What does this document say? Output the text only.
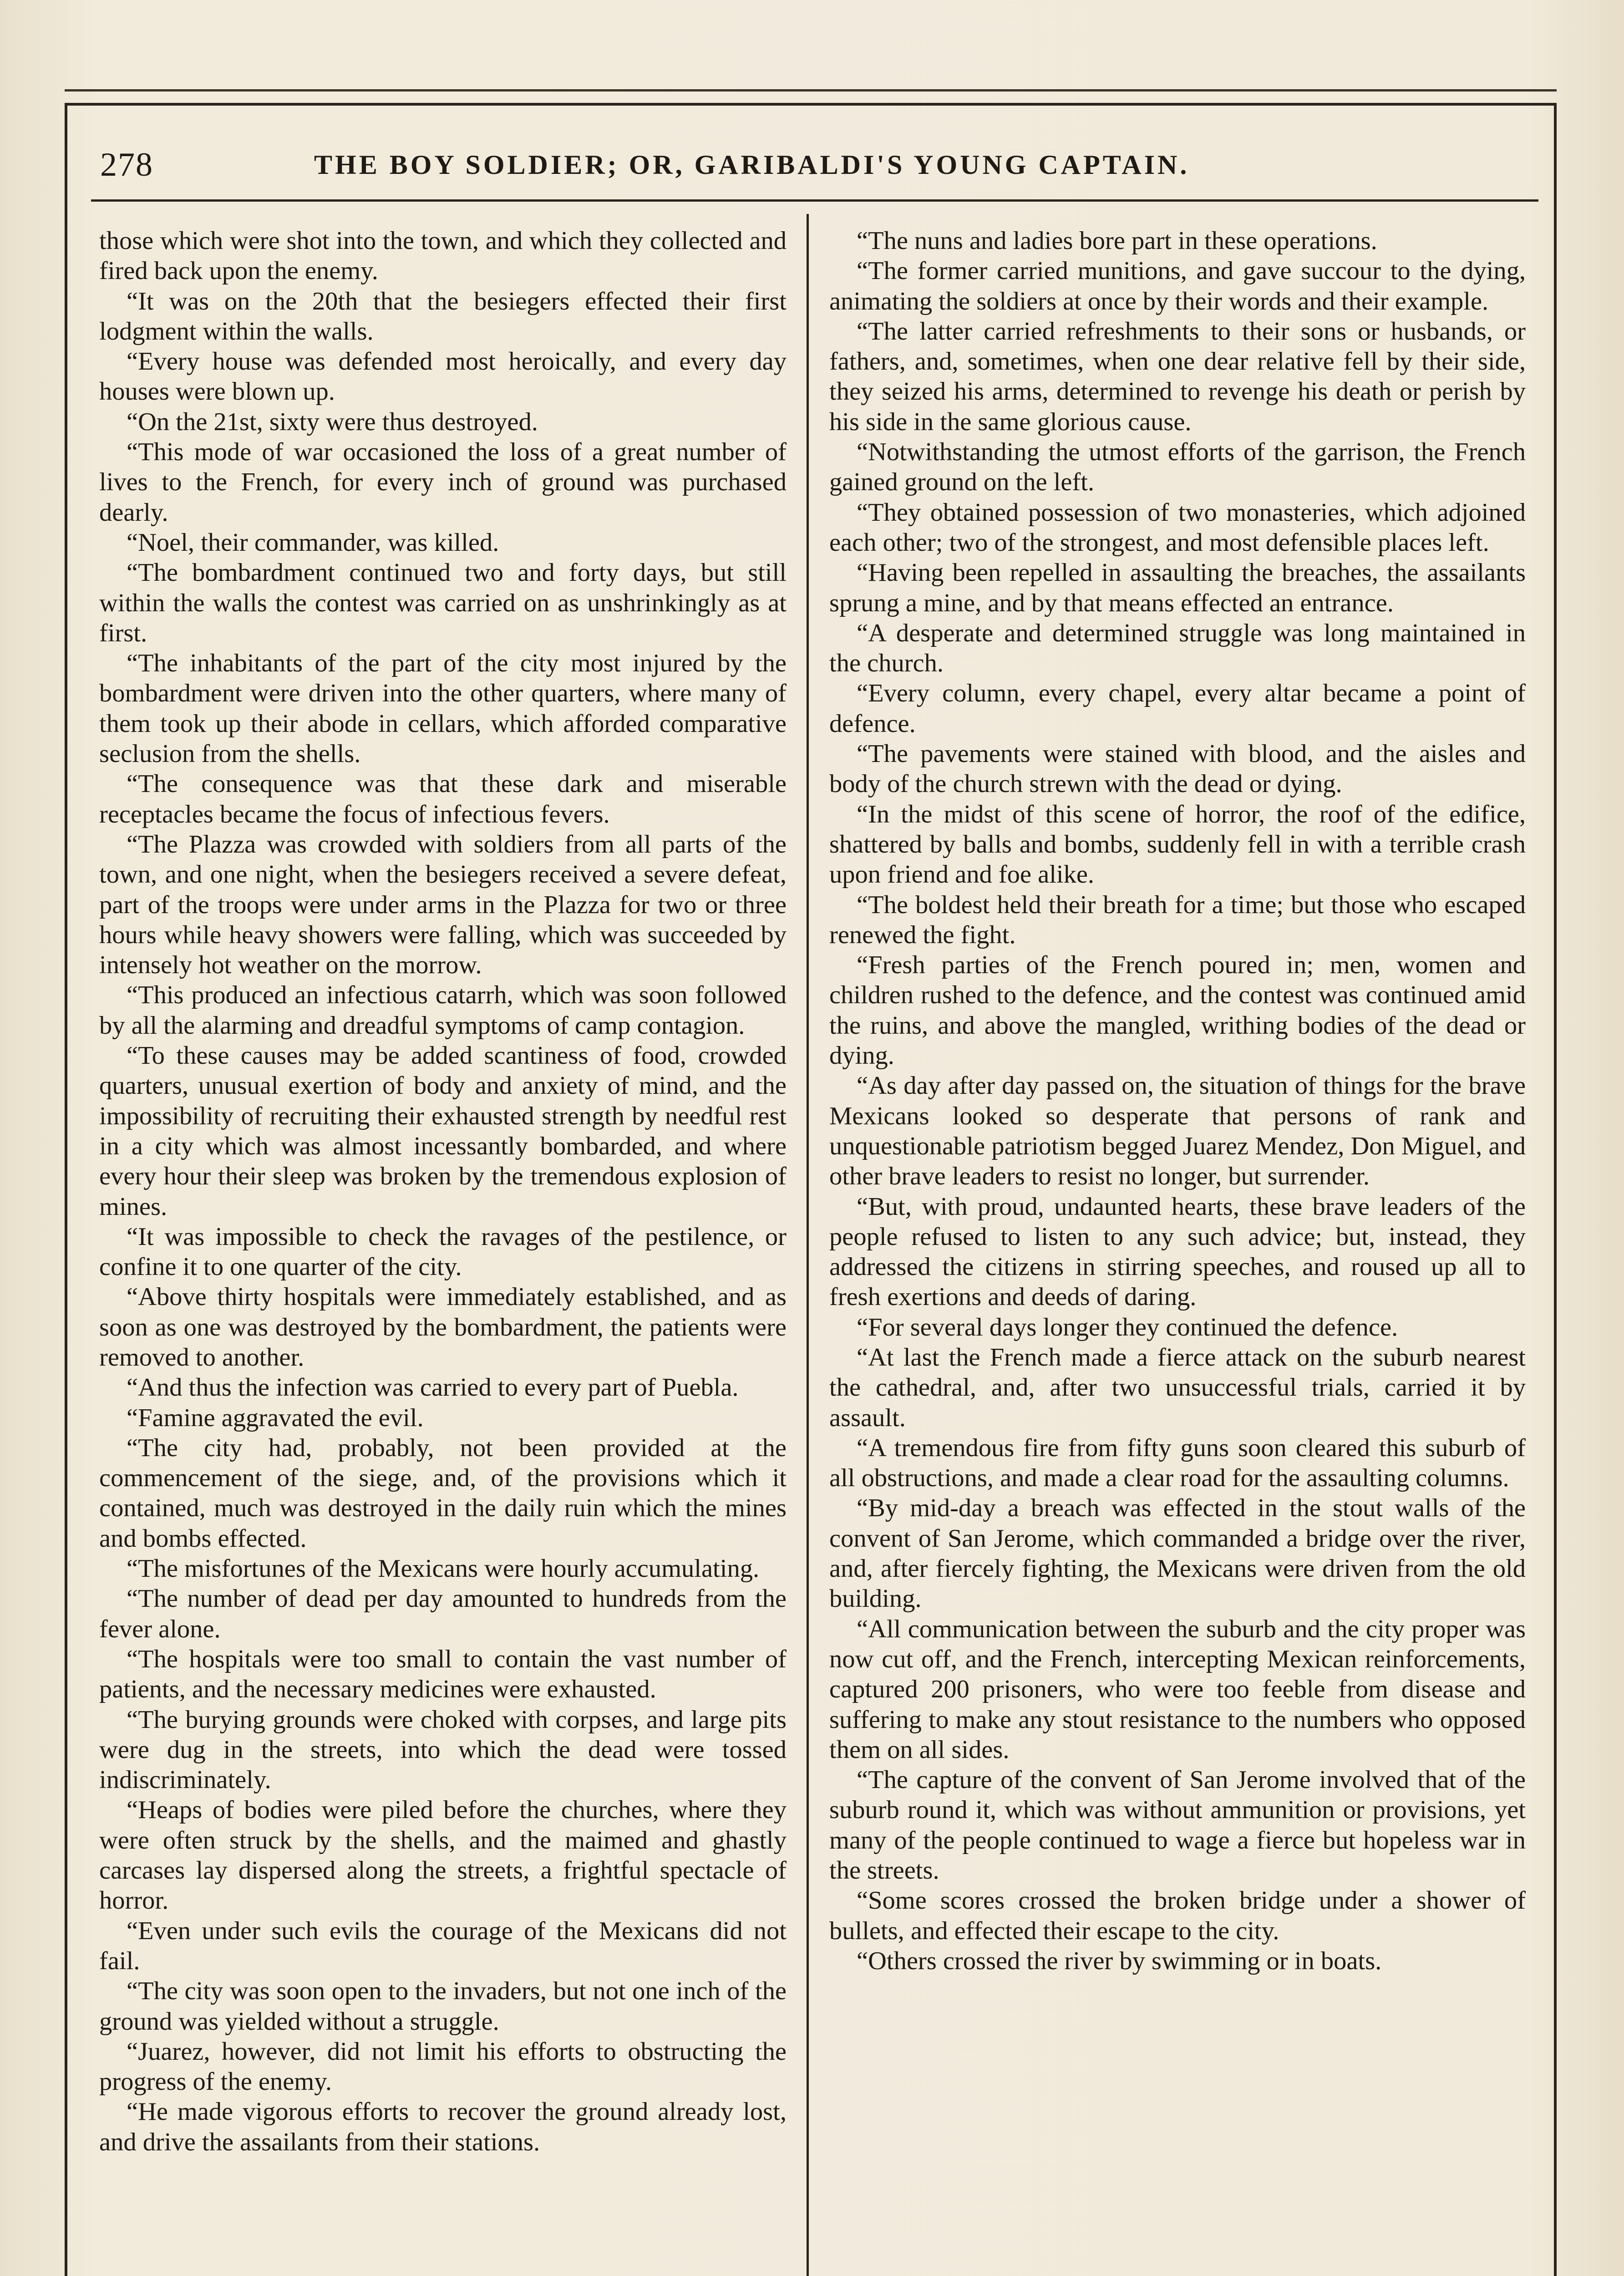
278	THE BOY SOLDIER; OR, GARIBALDI'S YOUNG CAPTAIN.

those which were shot into the town, and which they collected and fired back upon the enemy.

“It was on the 20th that the besiegers effected their first lodgment within the walls.

“Every house was defended most heroically, and every day houses were blown up.

“On the 21st, sixty were thus destroyed.

“This mode of war occasioned the loss of a great number of lives to the French, for every inch of ground was purchased dearly.

“Noel, their commander, was killed.

“The bombardment continued two and forty days, but still within the walls the contest was carried on as unshrinkingly as at first.

“The inhabitants of the part of the city most injured by the bombardment were driven into the other quarters, where many of them took up their abode in cellars, which afforded comparative seclusion from the shells.

“The consequence was that these dark and miserable receptacles became the focus of infectious fevers.

“The Plazza was crowded with soldiers from all parts of the town, and one night, when the besiegers received a severe defeat, part of the troops were under arms in the Plazza for two or three hours while heavy showers were falling, which was succeeded by intensely hot weather on the morrow.

“This produced an infectious catarrh, which was soon followed by all the alarming and dreadful symptoms of camp contagion.

“To these causes may be added scantiness of food, crowded quarters, unusual exertion of body and anxiety of mind, and the impossibility of recruiting their exhausted strength by needful rest in a city which was almost incessantly bombarded, and where every hour their sleep was broken by the tremendous explosion of mines.

“It was impossible to check the ravages of the pestilence, or confine it to one quarter of the city.

“Above thirty hospitals were immediately established, and as soon as one was destroyed by the bombardment, the patients were removed to another.

“And thus the infection was carried to every part of Puebla.

“Famine aggravated the evil.

“The city had, probably, not been provided at the commencement of the siege, and, of the provisions which it contained, much was destroyed in the daily ruin which the mines and bombs effected.

“The misfortunes of the Mexicans were hourly accumulating.

“The number of dead per day amounted to hundreds from the fever alone.

“The hospitals were too small to contain the vast number of patients, and the necessary medicines were exhausted.

“The burying grounds were choked with corpses, and large pits were dug in the streets, into which the dead were tossed indiscriminately.

“Heaps of bodies were piled before the churches, where they were often struck by the shells, and the maimed and ghastly carcases lay dispersed along the streets, a frightful spectacle of horror.

“Even under such evils the courage of the Mexicans did not fail.

“The city was soon open to the invaders, but not one inch of the ground was yielded without a struggle.

“Juarez, however, did not limit his efforts to obstructing the progress of the enemy.

“He made vigorous efforts to recover the ground already lost, and drive the assailants from their stations.

“The nuns and ladies bore part in these operations.

“The former carried munitions, and gave succour to the dying, animating the soldiers at once by their words and their example.

“The latter carried refreshments to their sons or husbands, or fathers, and, sometimes, when one dear relative fell by their side, they seized his arms, determined to revenge his death or perish by his side in the same glorious cause.

“Notwithstanding the utmost efforts of the garrison, the French gained ground on the left.

“They obtained possession of two monasteries, which adjoined each other; two of the strongest, and most defensible places left.

“Having been repelled in assaulting the breaches, the assailants sprung a mine, and by that means effected an entrance.

“A desperate and determined struggle was long maintained in the church.

“Every column, every chapel, every altar became a point of defence.

“The pavements were stained with blood, and the aisles and body of the church strewn with the dead or dying.

“In the midst of this scene of horror, the roof of the edifice, shattered by balls and bombs, suddenly fell in with a terrible crash upon friend and foe alike.

“The boldest held their breath for a time; but those who escaped renewed the fight.

“Fresh parties of the French poured in; men, women and children rushed to the defence, and the contest was continued amid the ruins, and above the mangled, writhing bodies of the dead or dying.

“As day after day passed on, the situation of things for the brave Mexicans looked so desperate that persons of rank and unquestionable patriotism begged Juarez Mendez, Don Miguel, and other brave leaders to resist no longer, but surrender.

“But, with proud, undaunted hearts, these brave leaders of the people refused to listen to any such advice; but, instead, they addressed the citizens in stirring speeches, and roused up all to fresh exertions and deeds of daring.

“For several days longer they continued the defence.

“At last the French made a fierce attack on the suburb nearest the cathedral, and, after two unsuccessful trials, carried it by assault.

“A tremendous fire from fifty guns soon cleared this suburb of all obstructions, and made a clear road for the assaulting columns.

“By mid-day a breach was effected in the stout walls of the convent of San Jerome, which commanded a bridge over the river, and, after fiercely fighting, the Mexicans were driven from the old building.

“All communication between the suburb and the city proper was now cut off, and the French, intercepting Mexican reinforcements, captured 200 prisoners, who were too feeble from disease and suffering to make any stout resistance to the numbers who opposed them on all sides.

“The capture of the convent of San Jerome involved that of the suburb round it, which was without ammunition or provisions, yet many of the people continued to wage a fierce but hopeless war in the streets.

“Some scores crossed the broken bridge under a shower of bullets, and effected their escape to the city.

“Others crossed the river by swimming or in boats.
